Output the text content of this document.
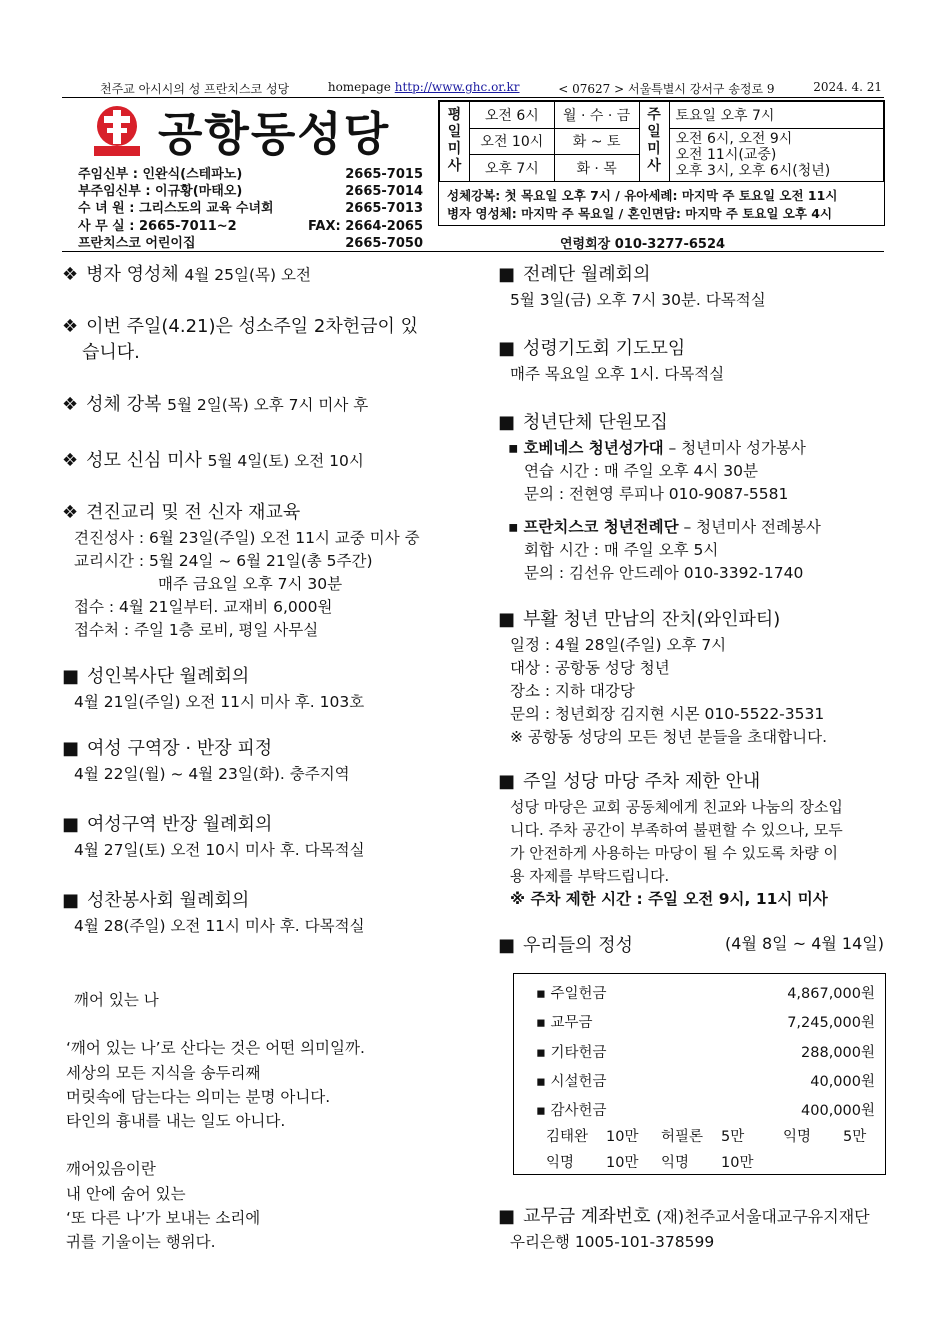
천주교 아시시의 성 프란치스코 성당	homepage http://www.ghc.or.kr	< 07627 > 서울특별시 강서구 송정로 9	2024. 4. 21
공항동성당
주임신부 : 인완식(스테파노)	2665-7015
부주임신부 : 이규황(마태오)	2665-7014
수 녀 원 : 그리스도의 교육 수녀회	2665-7013
사 무 실 : 2665-7011~2	FAX: 2664-2065
프란치스코 어린이집	2665-7050
평일미사	오전 6시	월 · 수 · 금	주일미사	토요일 오후 7시
	오전 10시	화 ~ 토		오전 6시, 오전 9시
오전 11시(교중)
오후 3시, 오후 6시(청년)

	오후 7시	화 · 목		
성체강복: 첫 목요일 오후 7시 / 유아세례: 마지막 주 토요일 오전 11시
병자 영성체: 마지막 주 목요일 / 혼인면담: 마지막 주 토요일 오후 4시
연령회장 010-3277-6524
❖ 병자 영성체 4월 25일(목) 오전
❖ 이번 주일(4.21)은 성소주일 2차헌금이 있
습니다.
❖ 성체 강복 5월 2일(목) 오후 7시 미사 후
❖ 성모 신심 미사 5월 4일(토) 오전 10시
❖ 견진교리 및 전 신자 재교육
견진성사 : 6월 23일(주일) 오전 11시 교중 미사 중
교리시간 : 5월 24일 ~ 6월 21일(총 5주간)
매주 금요일 오후 7시 30분
접수 : 4월 21일부터. 교재비 6,000원
접수처 : 주일 1층 로비, 평일 사무실
■ 성인복사단 월례회의
4월 21일(주일) 오전 11시 미사 후. 103호
■ 여성 구역장 · 반장 피정
4월 22일(월) ~ 4월 23일(화). 충주지역
■ 여성구역 반장 월례회의
4월 27일(토) 오전 10시 미사 후. 다목적실
■ 성찬봉사회 월례회의
4월 28(주일) 오전 11시 미사 후. 다목적실
깨어 있는 나
‘깨어 있는 나’로 산다는 것은 어떤 의미일까.
세상의 모든 지식을 송두리째
머릿속에 담는다는 의미는 분명 아니다.
타인의 흉내를 내는 일도 아니다.
깨어있음이란
내 안에 숨어 있는
‘또 다른 나’가 보내는 소리에
귀를 기울이는 행위다.
■ 전례단 월례회의
5월 3일(금) 오후 7시 30분. 다목적실
■ 성령기도회 기도모임
매주 목요일 오후 1시. 다목적실
■ 청년단체 단원모집
▪ 호베네스 청년성가대 – 청년미사 성가봉사
연습 시간 : 매 주일 오후 4시 30분
문의 : 전현영 루피나 010-9087-5581
▪ 프란치스코 청년전례단 – 청년미사 전례봉사
회합 시간 : 매 주일 오후 5시
문의 : 김선유 안드레아 010-3392-1740
■ 부활 청년 만남의 잔치(와인파티)
일정 : 4월 28일(주일) 오후 7시
대상 : 공항동 성당 청년
장소 : 지하 대강당
문의 : 청년회장 김지현 시몬 010-5522-3531
※ 공항동 성당의 모든 청년 분들을 초대합니다.
■ 주일 성당 마당 주차 제한 안내
성당 마당은 교회 공동체에게 친교와 나눔의 장소입
니다. 주차 공간이 부족하여 불편할 수 있으나, 모두
가 안전하게 사용하는 마당이 될 수 있도록 차량 이
용 자제를 부탁드립니다.
※ 주차 제한 시간 : 주일 오전 9시, 11시 미사
■ 우리들의 정성	(4월 8일 ~ 4월 14일)
▪ 주일헌금	4,867,000원
▪ 교무금	7,245,000원
▪ 기타헌금	288,000원
▪ 시설헌금	40,000원
▪ 감사헌금	400,000원
김태완	10만	허필론	5만	익명	5만
익명	10만	익명	10만
■ 교무금 계좌번호 (재)천주교서울대교구유지재단
우리은행 1005-101-378599
